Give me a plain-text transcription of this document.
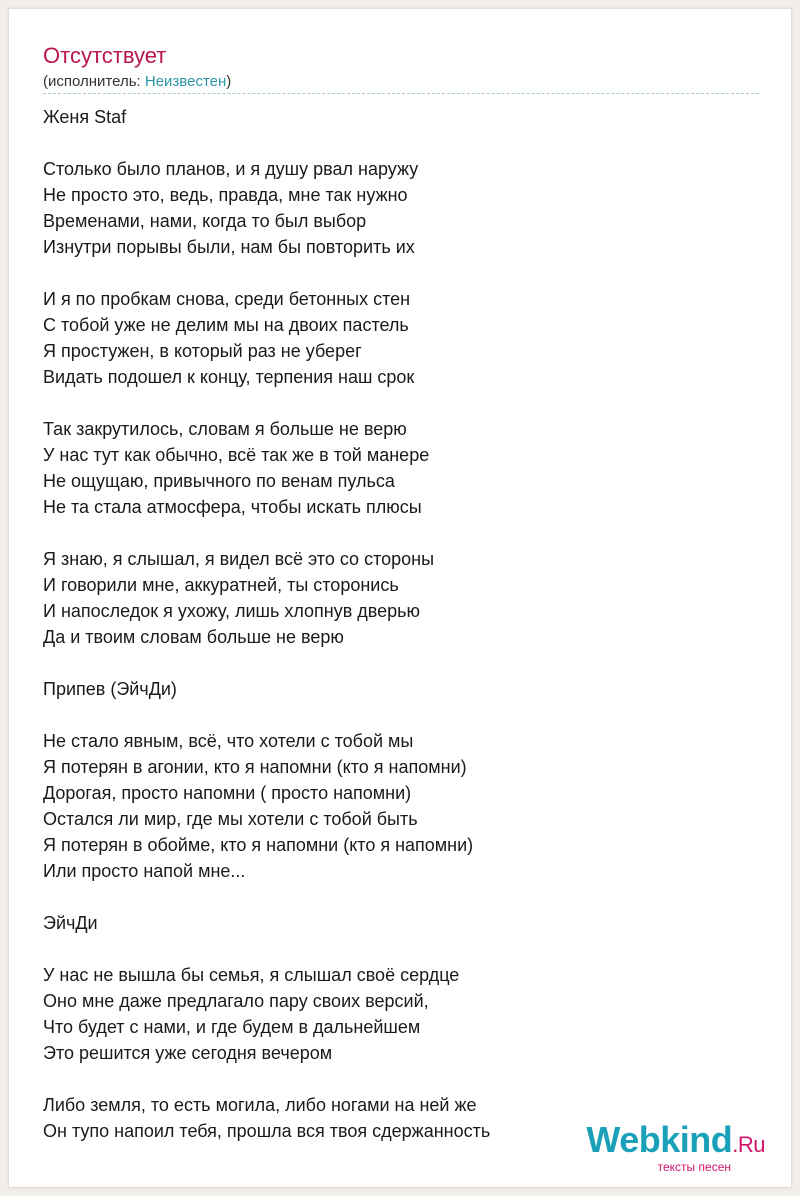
Отсутствует
(исполнитель: Неизвестен)
Женя Staf
Столько было планов, и я душу рвал наружу
Не просто это, ведь, правда, мне так нужно
Временами, нами, когда то был выбор
Изнутри порывы были, нам бы повторить их
И я по пробкам снова, среди бетонных стен
С тобой уже не делим мы на двоих пастель
Я простужен, в который раз не уберег
Видать подошел к концу, терпения наш срок
Так закрутилось, словам я больше не верю
У нас тут как обычно, всё так же в той манере
Не ощущаю, привычного по венам пульса
Не та стала атмосфера, чтобы искать плюсы
Я знаю, я слышал, я видел всё это со стороны
И говорили мне, аккуратней, ты сторонись
И напоследок я ухожу, лишь хлопнув дверью
Да и твоим словам больше не верю
Припев (ЭйчДи)
Не стало явным, всё, что хотели с тобой мы
Я потерян в агонии, кто я напомни (кто я напомни)
Дорогая, просто напомни ( просто напомни)
Остался ли мир, где мы хотели с тобой быть
Я потерян в обойме, кто я напомни (кто я напомни)
Или просто напой мне...
ЭйчДи
У нас не вышла бы семья, я слышал своё сердце
Оно мне даже предлагало пару своих версий,
Что будет с нами, и где будем в дальнейшем
Это решится уже сегодня вечером
Либо земля, то есть могила, либо ногами на ней же
Он тупо напоил тебя, прошла вся твоя сдержанность	Webkind.Ru
тексты песен
